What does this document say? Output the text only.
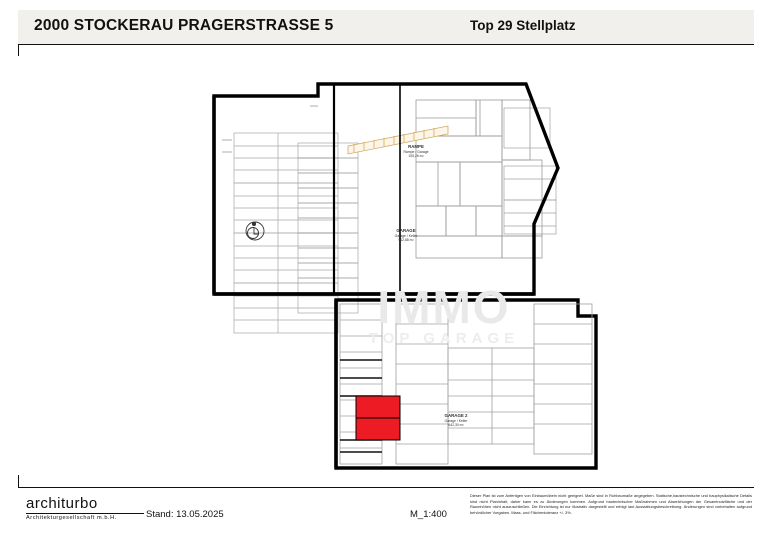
2000 STOCKERAU PRAGERSTRASSE 5	Top 29 Stellplatz
IMMO
TOP GARAGE
RAMPE
Rampe / Garage
105,26 m²
GARAGE
Garage / Keller
512,88 m²
GARAGE 2
Garage / Keller
642,30 m²
architurbo
Architekturgesellschaft m.b.H.	Stand: 13.05.2025	M_1:400
Dieser Plan ist zum Anfertigen von Einbaumöbeln nicht geeignet. Maße sind in Rohbaumaße angegeben. Statische,haustechnische und bauphysikalische Details sind nicht Planinhalt, daher kann es zu Änderungen kommen. Aufgrund bautechnischer Maßnahmen und Abweichungen der Gesamtnutzfläche und der Raumhöhen nicht auszuschließen. Die Einrichtung ist nur illustrativ dargestellt und erfolgt laut Ausstattungsbeschreibung. Änderungen sind vorbehalten aufgrund behördlicher Vorgaben. Mass- und Flächentoleranz +/- 3%.
